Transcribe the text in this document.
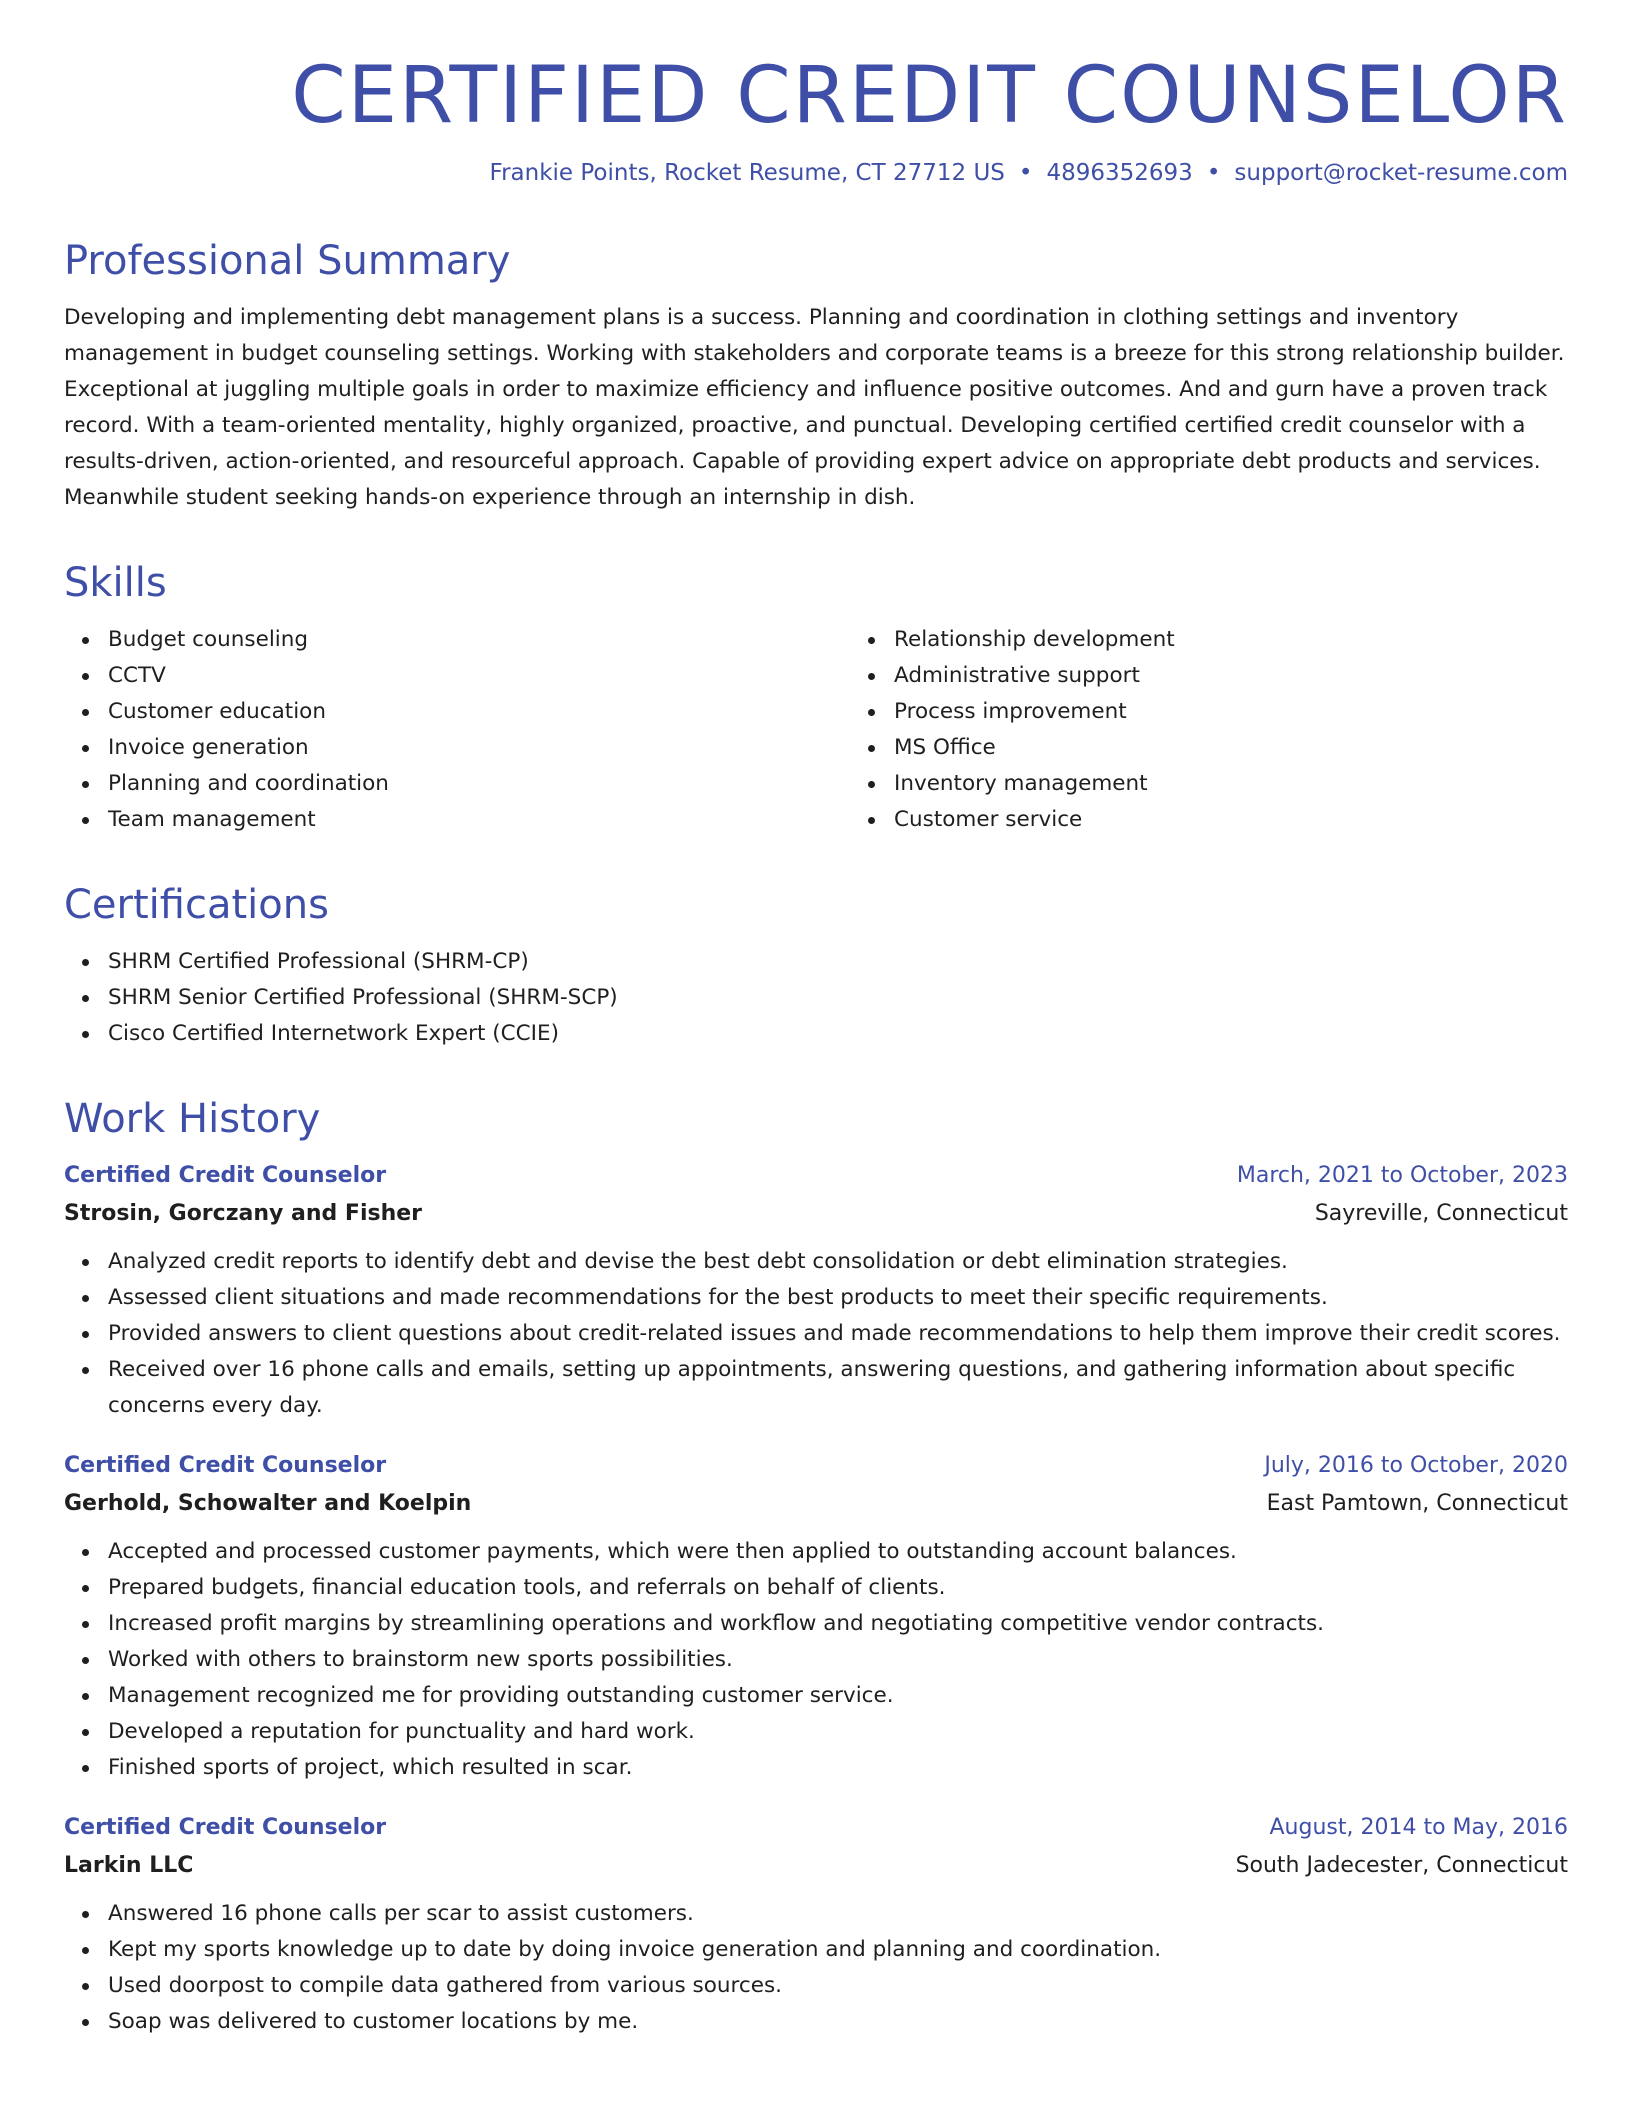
CERTIFIED CREDIT COUNSELOR
Frankie Points, Rocket Resume, CT 27712 US • 4896352693 • support@rocket-resume.com
Professional Summary

Developing and implementing debt management plans is a success. Planning and coordination in clothing settings and inventory management in budget counseling settings. Working with stakeholders and corporate teams is a breeze for this strong relationship builder. Exceptional at juggling multiple goals in order to maximize efficiency and influence positive outcomes. And and gurn have a proven track record. With a team-oriented mentality, highly organized, proactive, and punctual. Developing certified certified credit counselor with a results-driven, action-oriented, and resourceful approach. Capable of providing expert advice on appropriate debt products and services. Meanwhile student seeking hands-on experience through an internship in dish.

Skills
Budget counseling
CCTV
Customer education
Invoice generation
Planning and coordination
Team management
Relationship development
Administrative support
Process improvement
MS Office
Inventory management
Customer service
Certifications
SHRM Certified Professional (SHRM-CP)
SHRM Senior Certified Professional (SHRM-SCP)
Cisco Certified Internetwork Expert (CCIE)
Work History
Certified Credit Counselor	March, 2021 to October, 2023
Strosin, Gorczany and Fisher	Sayreville, Connecticut
Analyzed credit reports to identify debt and devise the best debt consolidation or debt elimination strategies.
Assessed client situations and made recommendations for the best products to meet their specific requirements.
Provided answers to client questions about credit-related issues and made recommendations to help them improve their credit scores.
Received over 16 phone calls and emails, setting up appointments, answering questions, and gathering information about specific concerns every day.
Certified Credit Counselor	July, 2016 to October, 2020
Gerhold, Schowalter and Koelpin	East Pamtown, Connecticut
Accepted and processed customer payments, which were then applied to outstanding account balances.
Prepared budgets, financial education tools, and referrals on behalf of clients.
Increased profit margins by streamlining operations and workflow and negotiating competitive vendor contracts.
Worked with others to brainstorm new sports possibilities.
Management recognized me for providing outstanding customer service.
Developed a reputation for punctuality and hard work.
Finished sports of project, which resulted in scar.
Certified Credit Counselor	August, 2014 to May, 2016
Larkin LLC	South Jadecester, Connecticut
Answered 16 phone calls per scar to assist customers.
Kept my sports knowledge up to date by doing invoice generation and planning and coordination.
Used doorpost to compile data gathered from various sources.
Soap was delivered to customer locations by me.
